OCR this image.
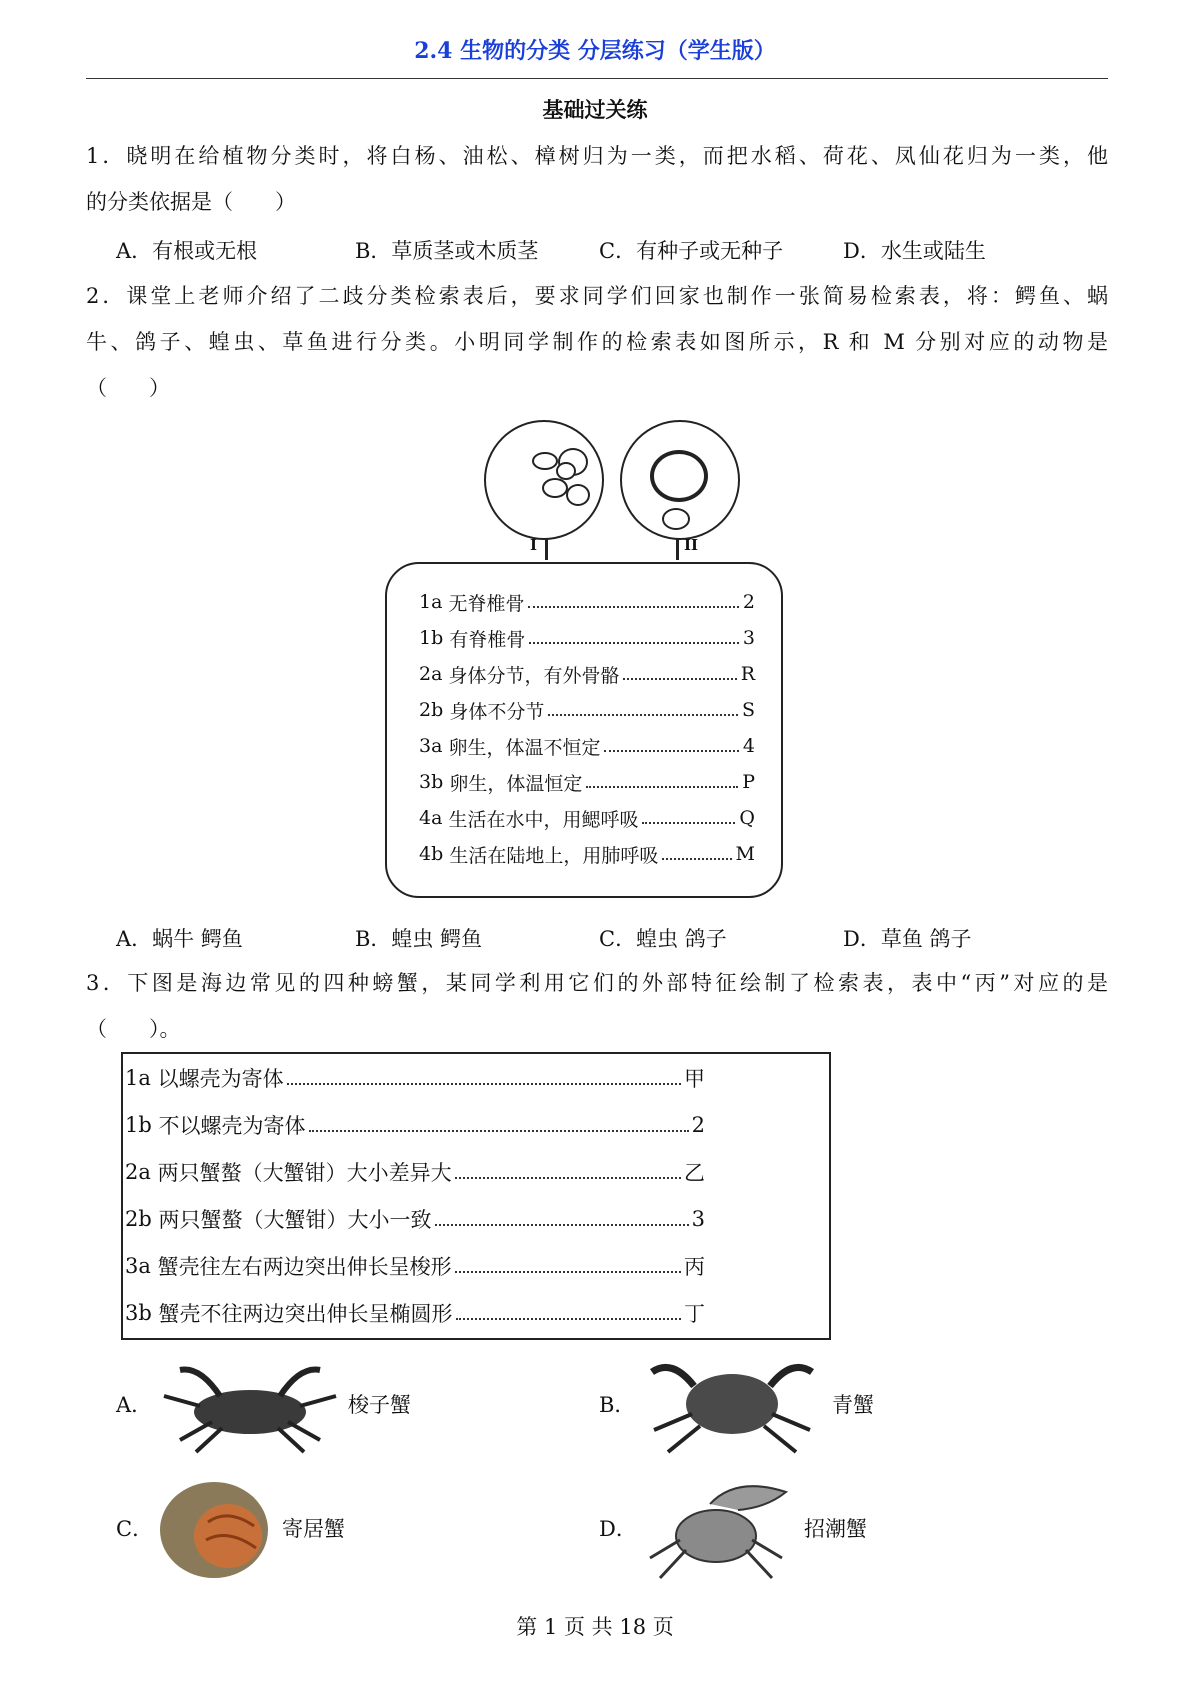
2.4 生物的分类 分层练习（学生版）
基础过关练
1．晓明在给植物分类时，将白杨、油松、樟树归为一类，而把水稻、荷花、凤仙花归为一类，他
的分类依据是（　　）
A．有根或无根	B．草质茎或木质茎	C．有种子或无种子	D．水生或陆生
2．课堂上老师介绍了二歧分类检索表后，要求同学们回家也制作一张简易检索表，将：鳄鱼、蜗
牛、鸽子、蝗虫、草鱼进行分类。小明同学制作的检索表如图所示，R 和 M 分别对应的动物是
（　　）
I	II
1a
无脊椎骨	2
1b
有脊椎骨	3
2a
身体分节，有外骨骼	R
2b
身体不分节	S
3a
卵生，体温不恒定	4
3b
卵生，体温恒定	P
4a
生活在水中，用鳃呼吸	Q
4b
生活在陆地上，用肺呼吸	M
A．蜗牛 鳄鱼	B．蝗虫 鳄鱼	C．蝗虫 鸽子	D．草鱼 鸽子
3．下图是海边常见的四种螃蟹，某同学利用它们的外部特征绘制了检索表，表中“丙”对应的是
（　　）。
1a
以螺壳为寄体	甲
1b
不以螺壳为寄体	2
2a
两只蟹螯（大蟹钳）大小差异大	乙
2b
两只蟹螯（大蟹钳）大小一致	3
3a
蟹壳往左右两边突出伸长呈梭形	丙
3b
蟹壳不往两边突出伸长呈椭圆形	丁
A．	梭子蟹	B．	青蟹
C．	寄居蟹	D．	招潮蟹
第 1 页 共 18 页
